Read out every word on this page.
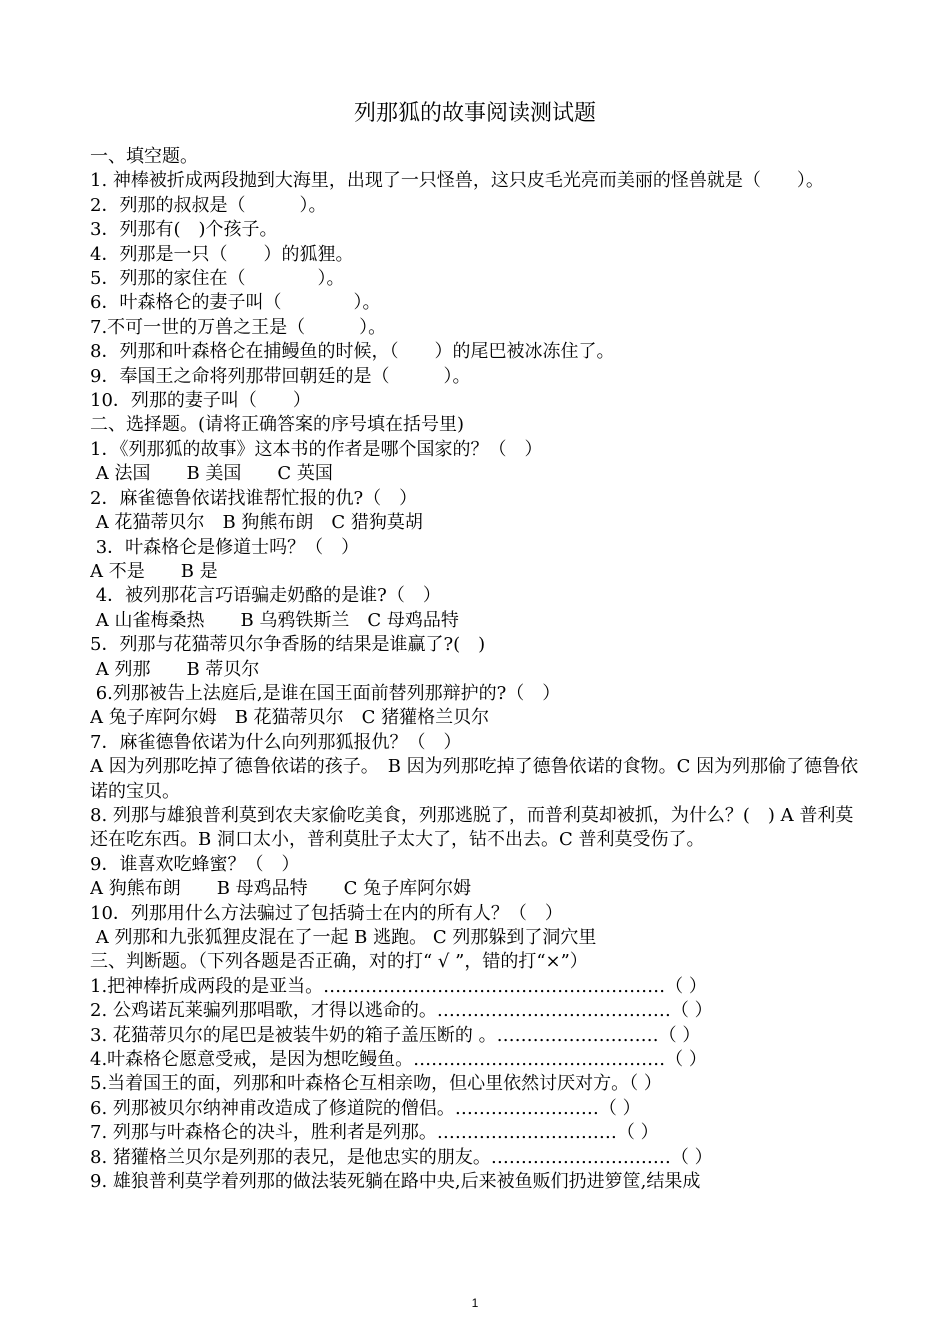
列那狐的故事阅读测试题
一、填空题。
1. 神棒被折成两段抛到大海里，出现了一只怪兽，这只皮毛光亮而美丽的怪兽就是（　　）。
2．列那的叔叔是（　　　）。
3．列那有(　)个孩子。
4．列那是一只（　　）的狐狸。
5．列那的家住在（　　　　）。
6．叶森格仑的妻子叫（　　　　）。
7.不可一世的万兽之王是（　　　）。
8．列那和叶森格仑在捕鳗鱼的时候，（　　）的尾巴被冰冻住了。
9．奉国王之命将列那带回朝廷的是（　　　）。
10．列那的妻子叫（　　）
二、选择题。(请将正确答案的序号填在括号里)
1．《列那狐的故事》这本书的作者是哪个国家的？（　）
A 法国　　B 美国　　C 英国
2．麻雀德鲁依诺找谁帮忙报的仇?（　）
A 花猫蒂贝尔　B 狗熊布朗　C 猎狗莫胡
3．叶森格仑是修道士吗？（　）
A 不是　　B 是
4．被列那花言巧语骗走奶酪的是谁?（　）
A 山雀梅桑热　　B 乌鸦铁斯兰　C 母鸡品特
5．列那与花猫蒂贝尔争香肠的结果是谁赢了?(　)
A 列那　　B 蒂贝尔
6.列那被告上法庭后,是谁在国王面前替列那辩护的?（　）
A 兔子库阿尔姆　B 花猫蒂贝尔　C 猪獾格兰贝尔
7．麻雀德鲁依诺为什么向列那狐报仇？（　）
A 因为列那吃掉了德鲁依诺的孩子。　B 因为列那吃掉了德鲁依诺的食物。C 因为列那偷了德鲁依诺的宝贝。
8. 列那与雄狼普利莫到农夫家偷吃美食，列那逃脱了，而普利莫却被抓，为什么？(　) A 普利莫还在吃东西。B 洞口太小，普利莫肚子太大了，钻不出去。C 普利莫受伤了。
9．谁喜欢吃蜂蜜？（　）
A 狗熊布朗　　B 母鸡品特　　C 兔子库阿尔姆
10．列那用什么方法骗过了包括骑士在内的所有人？（　）
A 列那和九张狐狸皮混在了一起 B 逃跑。 C 列那躲到了洞穴里
三、判断题。（下列各题是否正确，对的打“ √ ”，错的打“×”）
1.把神棒折成两段的是亚当。…………………………………………………（ ）
2. 公鸡诺瓦莱骗列那唱歌，才得以逃命的。…………………………………（ ）
3. 花猫蒂贝尔的尾巴是被装牛奶的箱子盖压断的 。………………………（ ）
4.叶森格仑愿意受戒，是因为想吃鳗鱼。……………………………………（ ）
5.当着国王的面，列那和叶森格仑互相亲吻，但心里依然讨厌对方。（ ）
6. 列那被贝尔纳神甫改造成了修道院的僧侣。……………………（ ）
7. 列那与叶森格仑的决斗，胜利者是列那。…………………………（ ）
8. 猪獾格兰贝尔是列那的表兄，是他忠实的朋友。…………………………（ ）
9. 雄狼普利莫学着列那的做法装死躺在路中央,后来被鱼贩们扔进箩筐,结果成
1
